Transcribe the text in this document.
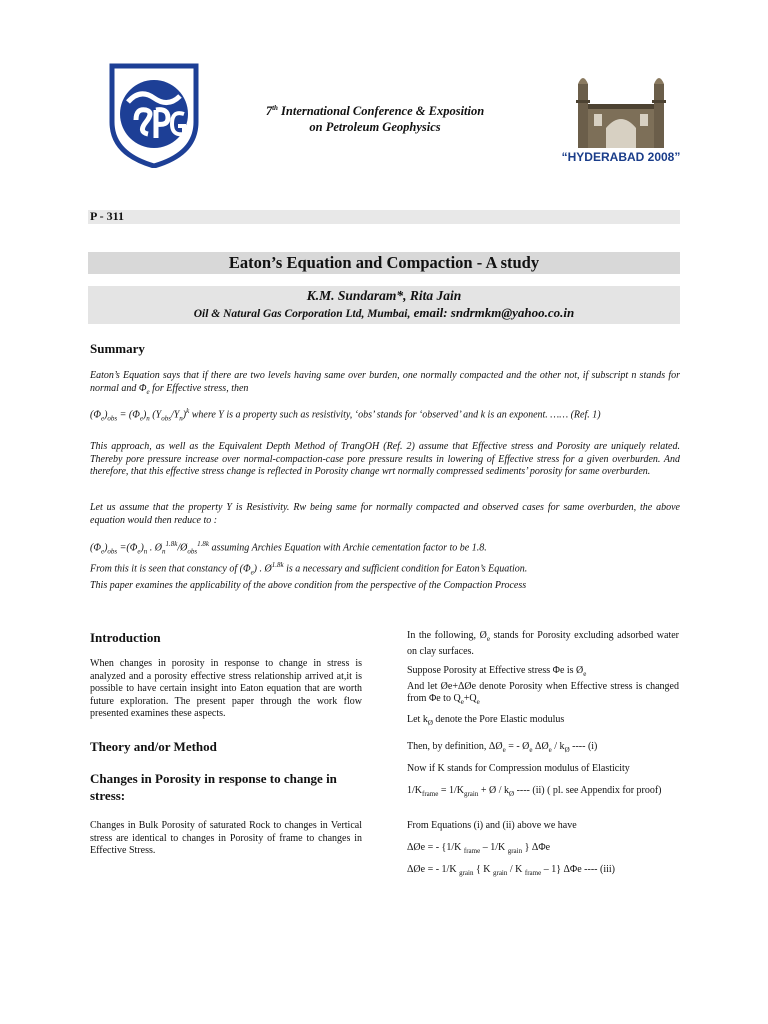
7th International Conference & Exposition
on Petroleum Geophysics
“HYDERABAD 2008”
P - 311
Eaton’s Equation and Compaction - A study
K.M. Sundaram*, Rita Jain
Oil & Natural Gas Corporation Ltd, Mumbai, email: sndrmkm@yahoo.co.in
Summary
Eaton’s Equation says that if there are two levels having same over burden, one normally compacted and the other not, if subscript n stands for normal and $\Phi_e$ for Effective stress, then
$(\Phi_e)_{obs} = (\Phi_e)_n$ $(Y_{obs}/Y_n)^k$ where Y is a property such as resistivity, ‘obs’ stands for ‘observed’ and k is an exponent. …… (Ref. 1)
This approach, as well as the Equivalent Depth Method of TrangOH (Ref. 2) assume that Effective stress and Porosity are uniquely related. Thereby pore pressure increase over normal-compaction-case pore pressure results in lowering of Effective stress for a given overburden. And therefore, that this effective stress change is reflected in Porosity change wrt normally compressed sediments’ porosity for same overburden.
Let us assume that the property Y is Resistivity. Rw being same for normally compacted and observed cases for same overburden, the above equation would then reduce to :
$(\Phi_e)_{obs} =(\Phi_e)_n$ . $Ø_n^{1.8k}/Ø_{obs}^{1.8k}$ assuming Archies Equation with Archie cementation factor to be 1.8.
From this it is seen that constancy of $(\Phi_e)$ . $Ø^{1.8k}$ is a necessary and sufficient condition for Eaton’s Equation.
This paper examines the applicability of the above condition from the perspective of the Compaction Process
Introduction
When changes in porosity in response to change in stress is analyzed and a porosity effective stress relationship arrived at,it is possible to have certain insight into Eaton equation that are worth future exploration. The present paper through the work flow presented examines these aspects.
Theory and/or Method
Changes in Porosity in response to change in stress:
Changes in Bulk Porosity of saturated Rock to changes in Vertical stress are identical to changes in Porosity of frame to changes in Effective Stress.
In the following, $Ø_e$ stands for Porosity excluding adsorbed water on clay surfaces.
Suppose Porosity at Effective stress Φe is $Ø_e$
And let Øe+ΔØe denote Porosity when Effective stress is changed from Φe to $Q_e+Q_e$
Let $k_Ø$ denote the Pore Elastic modulus
Then, by definition, $\Delta Ø_e$ = - $Ø_e$ $\Delta Ø_e / k_Ø$ ---- (i)
Now if K stands for Compression modulus of Elasticity
$1/K_{frame} = 1/K_{grain}$ + Ø / $k_Ø$ ---- (ii) ( pl. see Appendix for proof)
From Equations (i) and (ii) above we have
ΔØe = - {1/K $_{frame}$ – 1/K $_{grain}$ } ΔΦe
ΔØe = - 1/K $_{grain}$ { K $_{grain}$ / K $_{frame}$ – 1} ΔΦe ---- (iii)
